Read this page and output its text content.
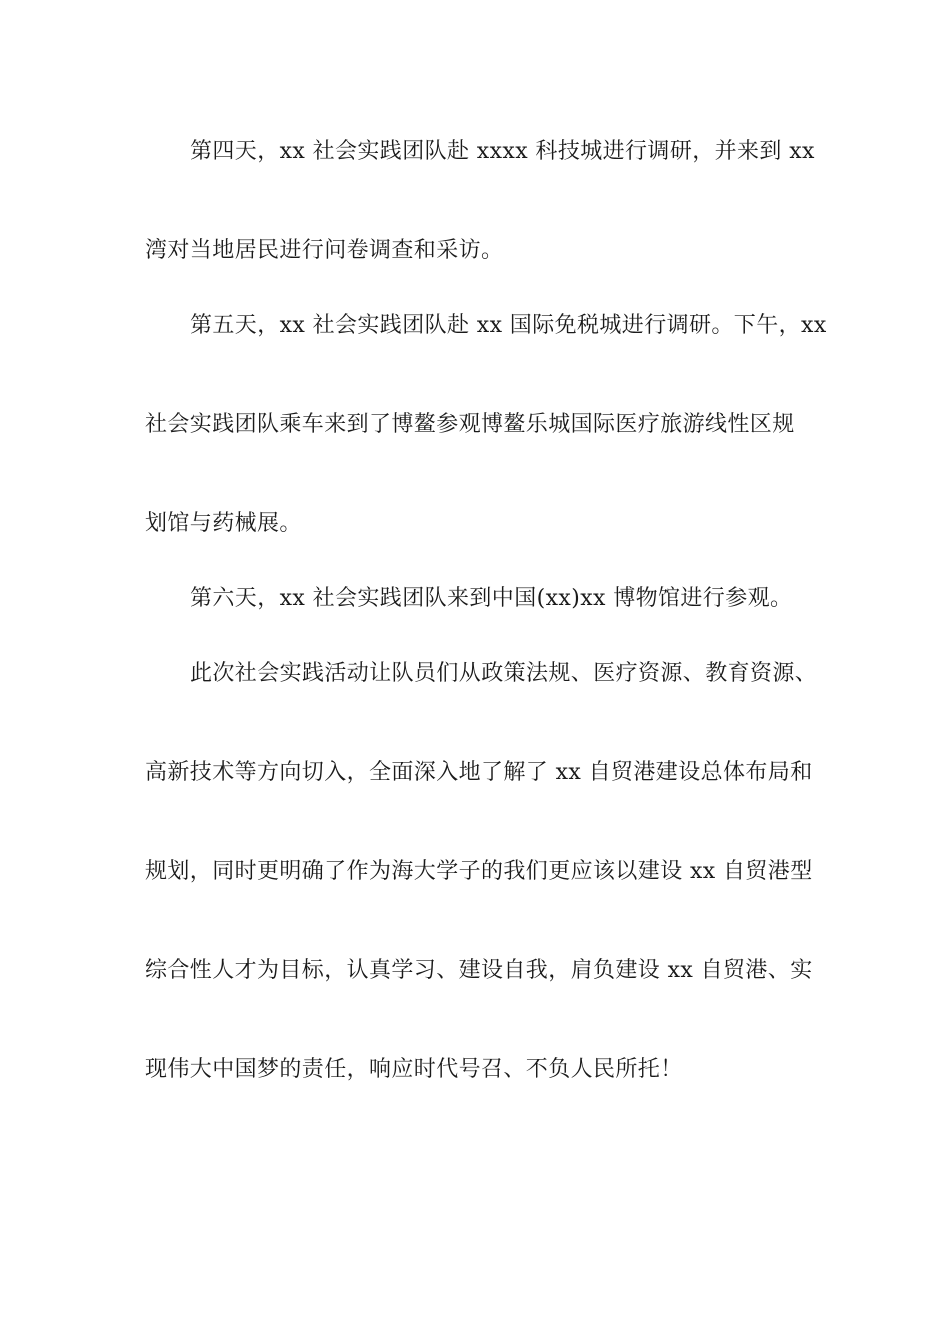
第四天，xx 社会实践团队赴 xxxx 科技城进行调研，并来到 xx
湾对当地居民进行问卷调查和采访。
第五天，xx 社会实践团队赴 xx 国际免税城进行调研。下午，xx
社会实践团队乘车来到了博鳌参观博鳌乐城国际医疗旅游线性区规
划馆与药械展。
第六天，xx 社会实践团队来到中国(xx)xx 博物馆进行参观。
此次社会实践活动让队员们从政策法规、医疗资源、教育资源、
高新技术等方向切入，全面深入地了解了 xx 自贸港建设总体布局和
规划，同时更明确了作为海大学子的我们更应该以建设 xx 自贸港型
综合性人才为目标，认真学习、建设自我，肩负建设 xx 自贸港、实
现伟大中国梦的责任，响应时代号召、不负人民所托！
